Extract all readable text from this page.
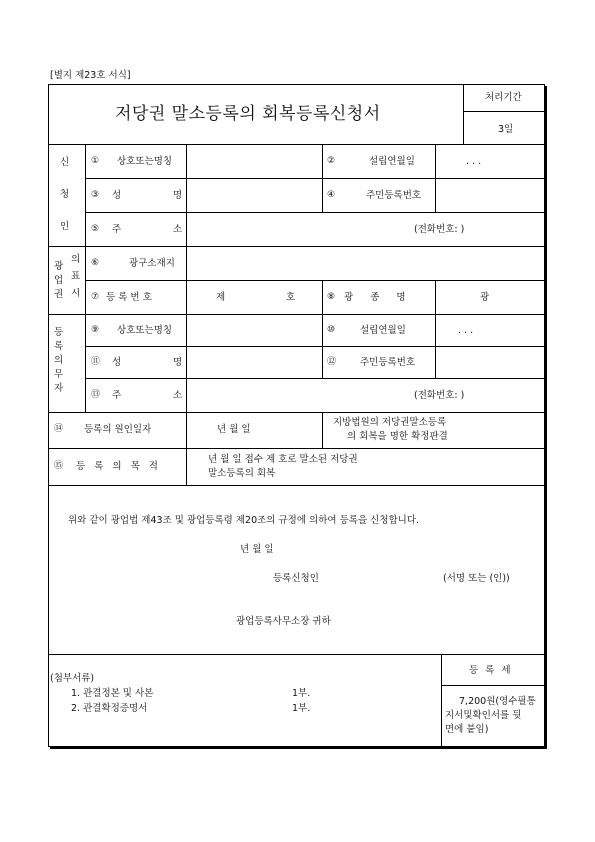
[별지 제23호 서식]
저당권 말소등록의 회복등록신청서
처리기간
3일
신
청
인
① 상호또는명칭	②	설립연월일	. . .
③ 성	명	④	주민등록번호
⑤ 주	소	(전화번호: )
광
업
권
의
표
시
⑥	광구소재지
⑦ 등 록 번 호	제	호	⑧ 광 종 명	광
등
록
의
무
자
⑨ 상호또는명칭	⑩	설립연월일	. . .
⑪ 성	명	⑫	주민등록번호
⑬ 주	소	(전화번호: )
⑭ 등록의 원인일자	년 월 일
지방법원의 저당권말소등록
의 회복을 명한 확정판결
⑮ 등 록 의 목 적
년 월 일 접수 제 호로 말소된 저당권
말소등록의 회복
위와 같이 광업법 제43조 및 광업등록령 제20조의 규정에 의하여 등록을 신청합니다.
년 월 일
등록신청인	(서명 또는 (인))
광업등록사무소장 귀하
(첨부서류)
1. 관결정본 및 사본	1부.
2. 관결확정증명서	1부.
등 록 세
7,200원(영수필통
지서및확인서를 뒷
면에 붙임)
